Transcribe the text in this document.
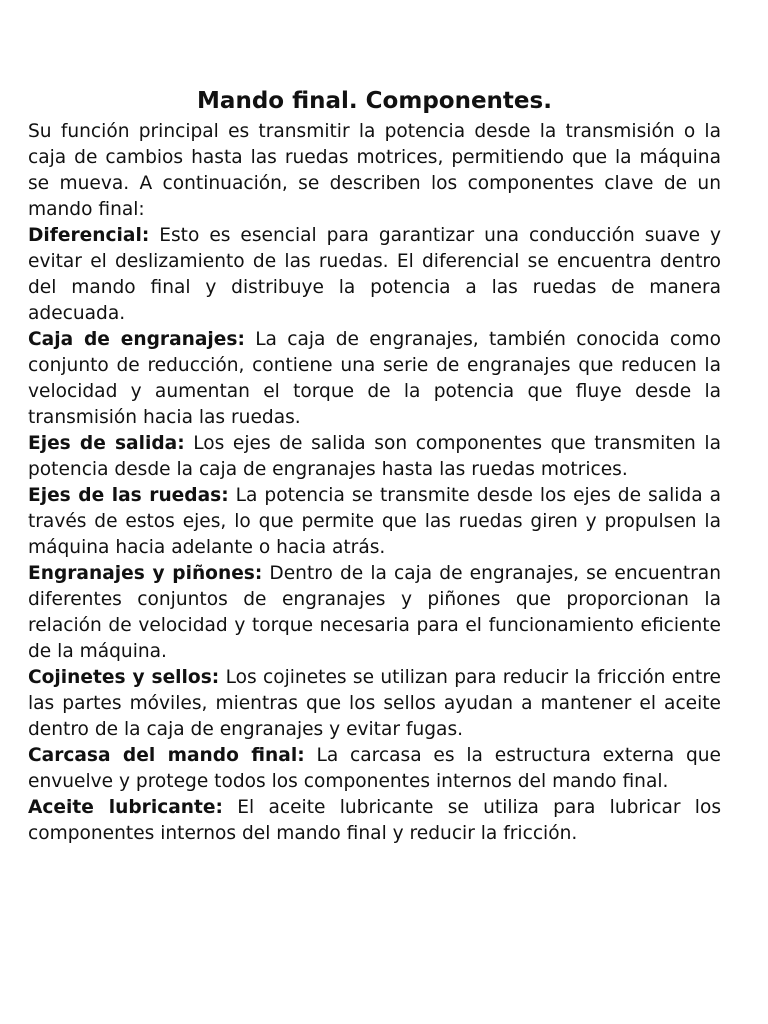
Mando final. Componentes.

Su función principal es transmitir la potencia desde la transmisión o la caja de cambios hasta las ruedas motrices, permitiendo que la máquina se mueva. A continuación, se describen los componentes clave de un mando final:

Diferencial: Esto es esencial para garantizar una conducción suave y evitar el deslizamiento de las ruedas. El diferencial se encuentra dentro del mando final y distribuye la potencia a las ruedas de manera adecuada.

Caja de engranajes: La caja de engranajes, también conocida como conjunto de reducción, contiene una serie de engranajes que reducen la velocidad y aumentan el torque de la potencia que fluye desde la transmisión hacia las ruedas.

Ejes de salida: Los ejes de salida son componentes que transmiten la potencia desde la caja de engranajes hasta las ruedas motrices.

Ejes de las ruedas: La potencia se transmite desde los ejes de salida a través de estos ejes, lo que permite que las ruedas giren y propulsen la máquina hacia adelante o hacia atrás.

Engranajes y piñones: Dentro de la caja de engranajes, se encuentran diferentes conjuntos de engranajes y piñones que proporcionan la relación de velocidad y torque necesaria para el funcionamiento eficiente de la máquina.

Cojinetes y sellos: Los cojinetes se utilizan para reducir la fricción entre las partes móviles, mientras que los sellos ayudan a mantener el aceite dentro de la caja de engranajes y evitar fugas.

Carcasa del mando final: La carcasa es la estructura externa que envuelve y protege todos los componentes internos del mando final.

Aceite lubricante: El aceite lubricante se utiliza para lubricar los componentes internos del mando final y reducir la fricción.
